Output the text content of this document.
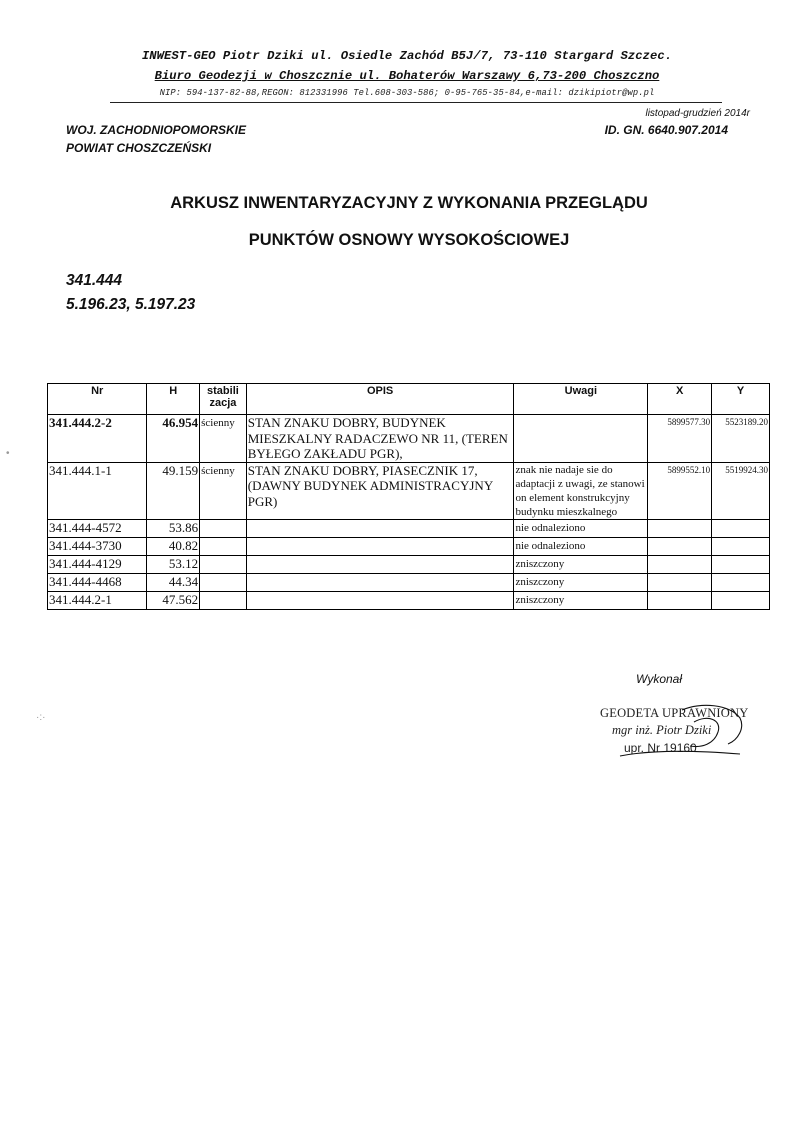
INWEST-GEO Piotr Dziki ul. Osiedle Zachód B5J/7, 73-110 Stargard Szczec.
Biuro Geodezji w Choszcznie ul. Bohaterów Warszawy 6,73-200 Choszczno
NIP: 594-137-82-88,REGON: 812331996 Tel.608-303-586; 0-95-765-35-84,e-mail: dzikipiotr@wp.pl
listopad-grudzień 2014r
WOJ. ZACHODNIOPOMORSKIE
POWIAT CHOSZCZEŃSKI
ID. GN. 6640.907.2014
ARKUSZ INWENTARYZACYJNY Z WYKONANIA PRZEGLĄDU
PUNKTÓW OSNOWY WYSOKOŚCIOWEJ
341.444
5.196.23, 5.197.23
Nr	H	stabili zacja	OPIS	Uwagi	X	Y
341.444.2-2	46.954	ścienny	STAN ZNAKU DOBRY, BUDYNEK MIESZKALNY RADACZEWO NR 11, (TEREN BYŁEGO ZAKŁADU PGR),		5899577.30	5523189.20
341.444.1-1	49.159	ścienny	STAN ZNAKU DOBRY, PIASECZNIK 17, (DAWNY BUDYNEK ADMINISTRACYJNY PGR)	znak nie nadaje sie do adaptacji z uwagi, ze stanowi on element konstrukcyjny budynku mieszkalnego	5899552.10	5519924.30
341.444-4572	53.86			nie odnaleziono		
341.444-3730	40.82			nie odnaleziono		
341.444-4129	53.12			zniszczony		
341.444-4468	44.34			zniszczony		
341.444.2-1	47.562			zniszczony		
Wykonał
GEODETA UPRAWNIONY
mgr inż. Piotr Dziki
upr. Nr 19160
•
·:·
